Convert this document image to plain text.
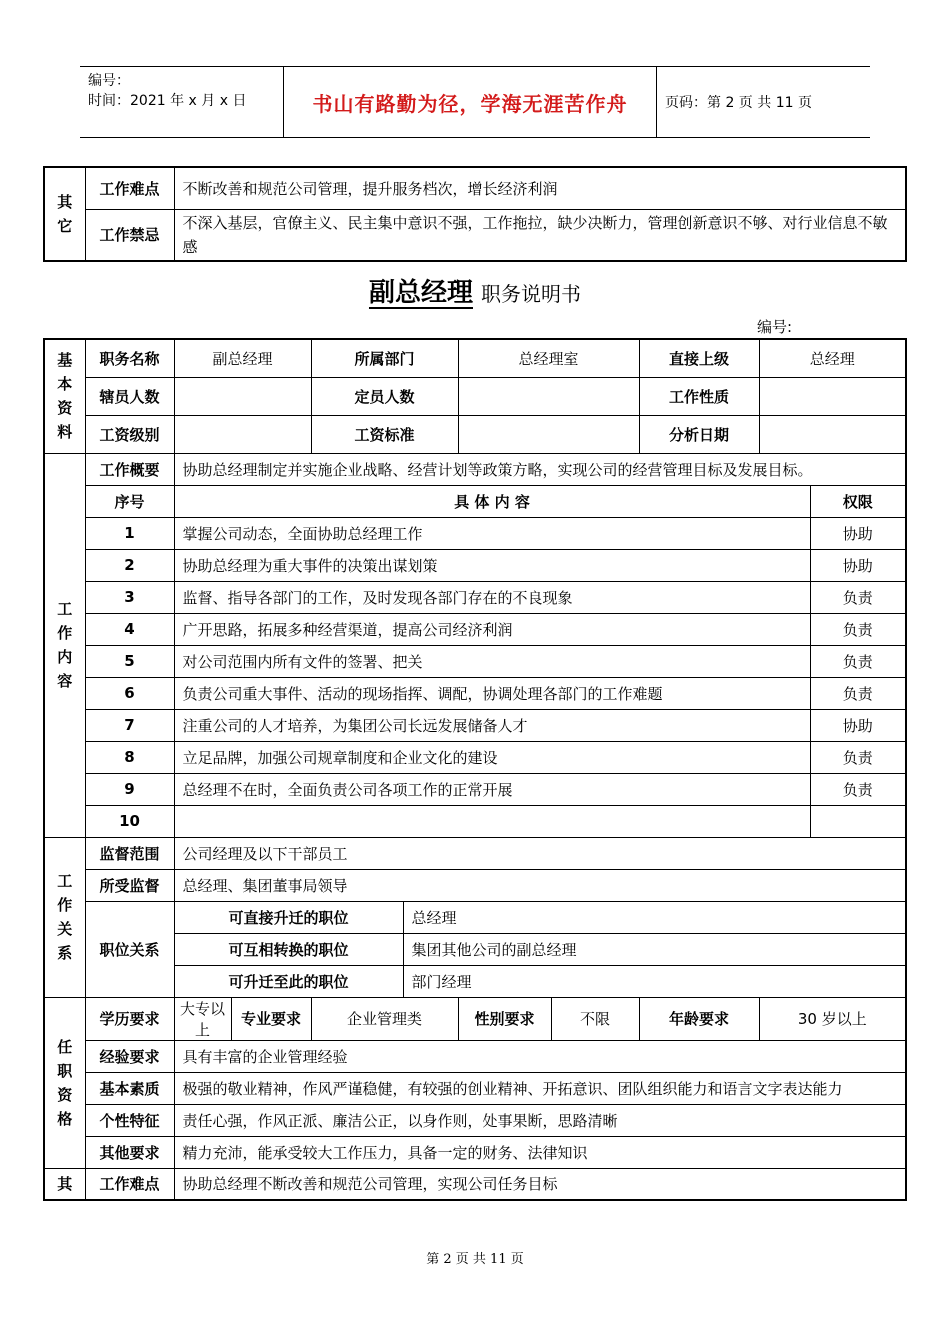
编号：
时间：2021 年 x 月 x 日	书山有路勤为径，学海无涯苦作舟	页码：第 2 页 共 11 页
其
它	工作难点	不断改善和规范公司管理，提升服务档次，增长经济利润
	工作禁忌	不深入基层，官僚主义、民主集中意识不强，工作拖拉，缺少决断力，管理创新意识不够、对行业信息不敏感
副总经理 职务说明书
编号:
基
本
资
料	职务名称	副总经理		所属部门		总经理室		直接上级	总经理	
	辖员人数			定员人数				工作性质		
	工资级别			工资标准				分析日期		

工
作
内
容	工作概要	协助总经理制定并实施企业战略、经营计划等政策方略，实现公司的经营管理目标及发展目标。								
	序号	具 体 内 容								权限
	1	掌握公司动态，全面协助总经理工作								协助
	2	协助总经理为重大事件的决策出谋划策								协助
	3	监督、指导各部门的工作，及时发现各部门存在的不良现象								负责
	4	广开思路，拓展多种经营渠道，提高公司经济利润								负责
	5	对公司范围内所有文件的签署、把关								负责
	6	负责公司重大事件、活动的现场指挥、调配，协调处理各部门的工作难题								负责
	7	注重公司的人才培养，为集团公司长远发展储备人才								协助
	8	立足品牌，加强公司规章制度和企业文化的建设								负责
	9	总经理不在时，全面负责公司各项工作的正常开展								负责
	10									

工
作
关
系	监督范围	公司经理及以下干部员工								
	所受监督	总经理、集团董事局领导								
	职位关系	可直接升迁的职位			总经理					
		可互相转换的职位			集团其他公司的副总经理					
		可升迁至此的职位			部门经理					

任
职
资
格	学历要求	大专以上	专业要求	企业管理类		性别要求	不限	年龄要求	30 岁以上	
	经验要求	具有丰富的企业管理经验								
	基本素质	极强的敬业精神，作风严谨稳健，有较强的创业精神、开拓意识、团队组织能力和语言文字表达能力								
	个性特征	责任心强，作风正派、廉洁公正，以身作则，处事果断，思路清晰								
	其他要求	精力充沛，能承受较大工作压力，具备一定的财务、法律知识								
其	工作难点	协助总经理不断改善和规范公司管理，实现公司任务目标								
第 2 页 共 11 页
